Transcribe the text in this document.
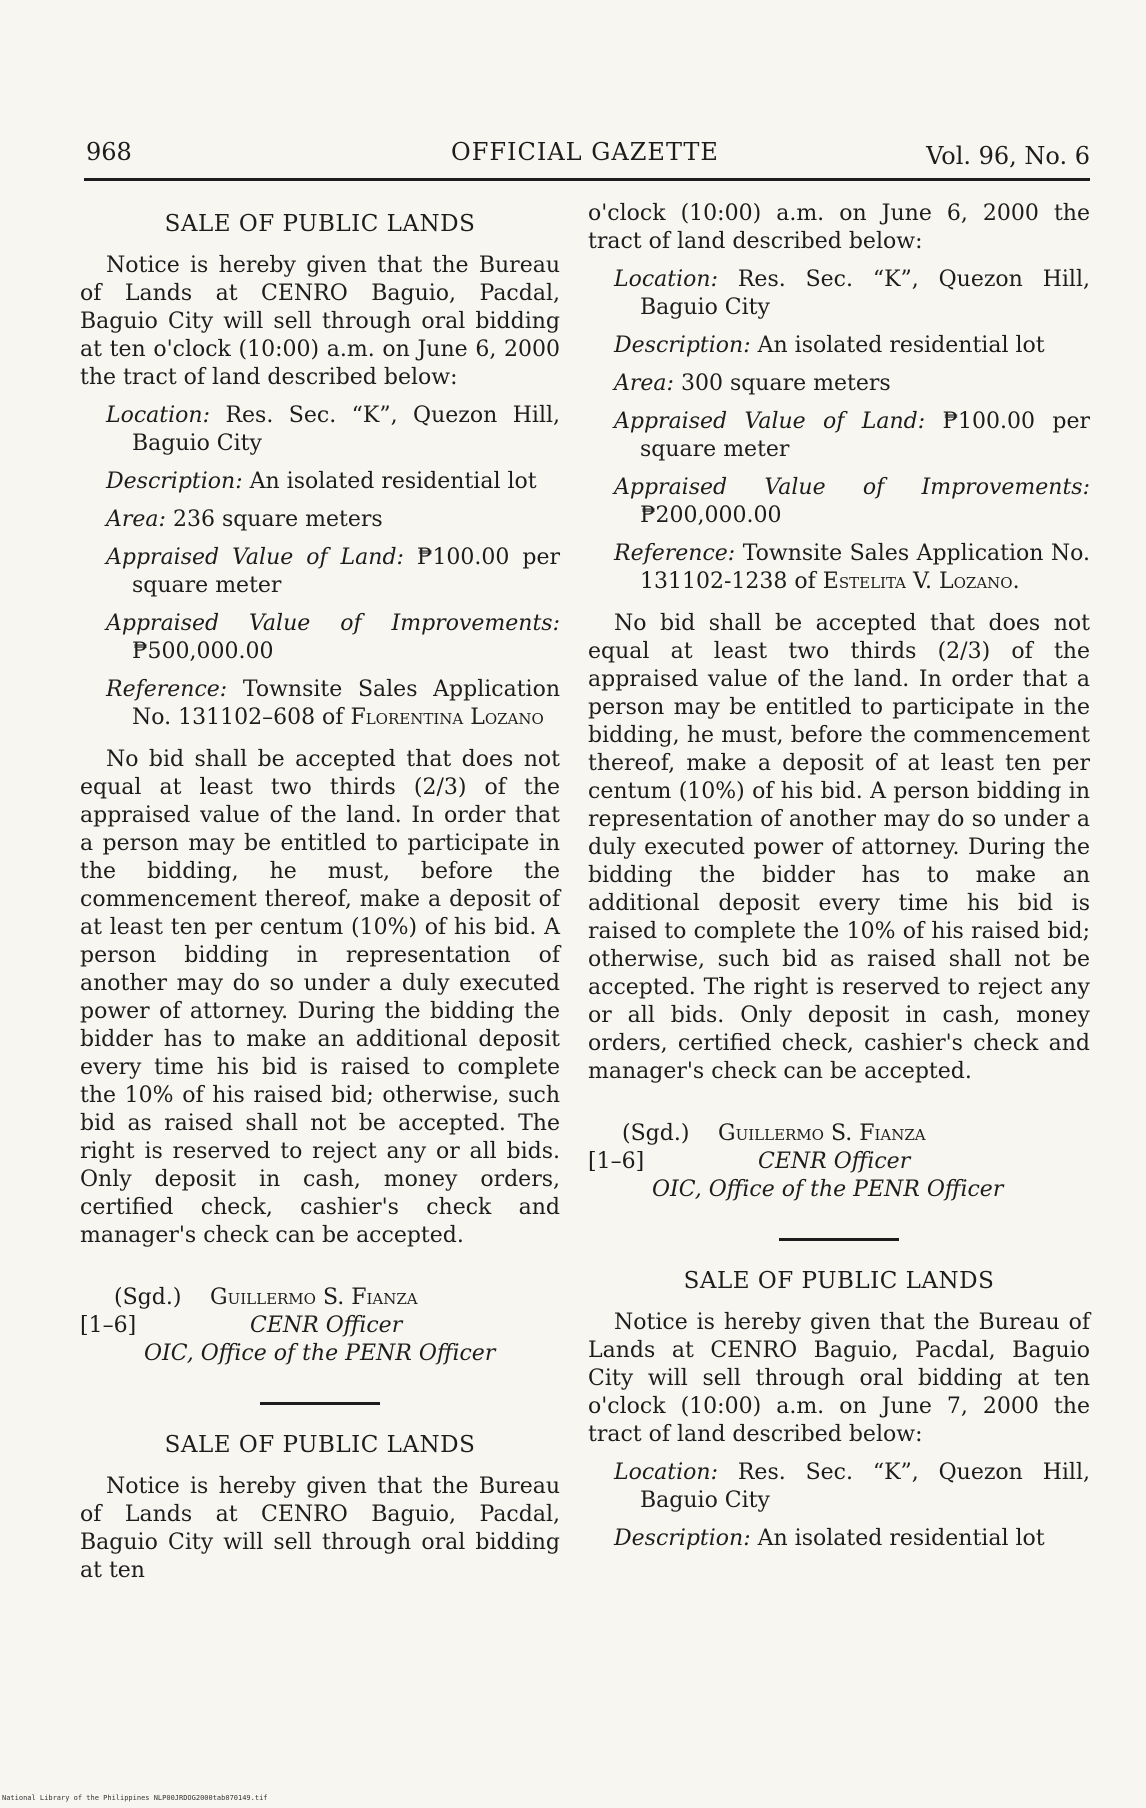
968	OFFICIAL GAZETTE	Vol. 96, No. 6
SALE OF PUBLIC LANDS

Notice is hereby given that the Bureau of Lands at CENRO Baguio, Pacdal, Baguio City will sell through oral bidding at ten o'clock (10:00) a.m. on June 6, 2000 the tract of land described below:

Location: Res. Sec. “K”, Quezon Hill, Baguio City

Description: An isolated residential lot

Area: 236 square meters

Appraised Value of Land: ₱100.00 per square meter

Appraised Value of Improvements: ₱500,000.00

Reference: Townsite Sales Application No. 131102–608 of Florentina Lozano

No bid shall be accepted that does not equal at least two thirds (2/3) of the appraised value of the land. In order that a person may be entitled to participate in the bidding, he must, before the commencement thereof, make a deposit of at least ten per centum (10%) of his bid. A person bidding in representation of another may do so under a duly executed power of attorney. During the bidding the bidder has to make an additional deposit every time his bid is raised to complete the 10% of his raised bid; otherwise, such bid as raised shall not be accepted. The right is reserved to reject any or all bids. Only deposit in cash, money orders, certified check, cashier's check and manager's check can be accepted.

(Sgd.) Guillermo S. Fianza
[1–6]	CENR Officer
OIC, Office of the PENR Officer
SALE OF PUBLIC LANDS

Notice is hereby given that the Bureau of Lands at CENRO Baguio, Pacdal, Baguio City will sell through oral bidding at ten

o'clock (10:00) a.m. on June 6, 2000 the tract of land described below:

Location: Res. Sec. “K”, Quezon Hill, Baguio City

Description: An isolated residential lot

Area: 300 square meters

Appraised Value of Land: ₱100.00 per square meter

Appraised Value of Improvements: ₱200,000.00

Reference: Townsite Sales Application No. 131102-1238 of Estelita V. Lozano.

No bid shall be accepted that does not equal at least two thirds (2/3) of the appraised value of the land. In order that a person may be entitled to participate in the bidding, he must, before the commencement thereof, make a deposit of at least ten per centum (10%) of his bid. A person bidding in representation of another may do so under a duly executed power of attorney. During the bidding the bidder has to make an additional deposit every time his bid is raised to complete the 10% of his raised bid; otherwise, such bid as raised shall not be accepted. The right is reserved to reject any or all bids. Only deposit in cash, money orders, certified check, cashier's check and manager's check can be accepted.

(Sgd.) Guillermo S. Fianza
[1–6]	CENR Officer
OIC, Office of the PENR Officer
SALE OF PUBLIC LANDS

Notice is hereby given that the Bureau of Lands at CENRO Baguio, Pacdal, Baguio City will sell through oral bidding at ten o'clock (10:00) a.m. on June 7, 2000 the tract of land described below:

Location: Res. Sec. “K”, Quezon Hill, Baguio City

Description: An isolated residential lot

National Library of the Philippines NLP00JRDOG2000tab070149.tif
